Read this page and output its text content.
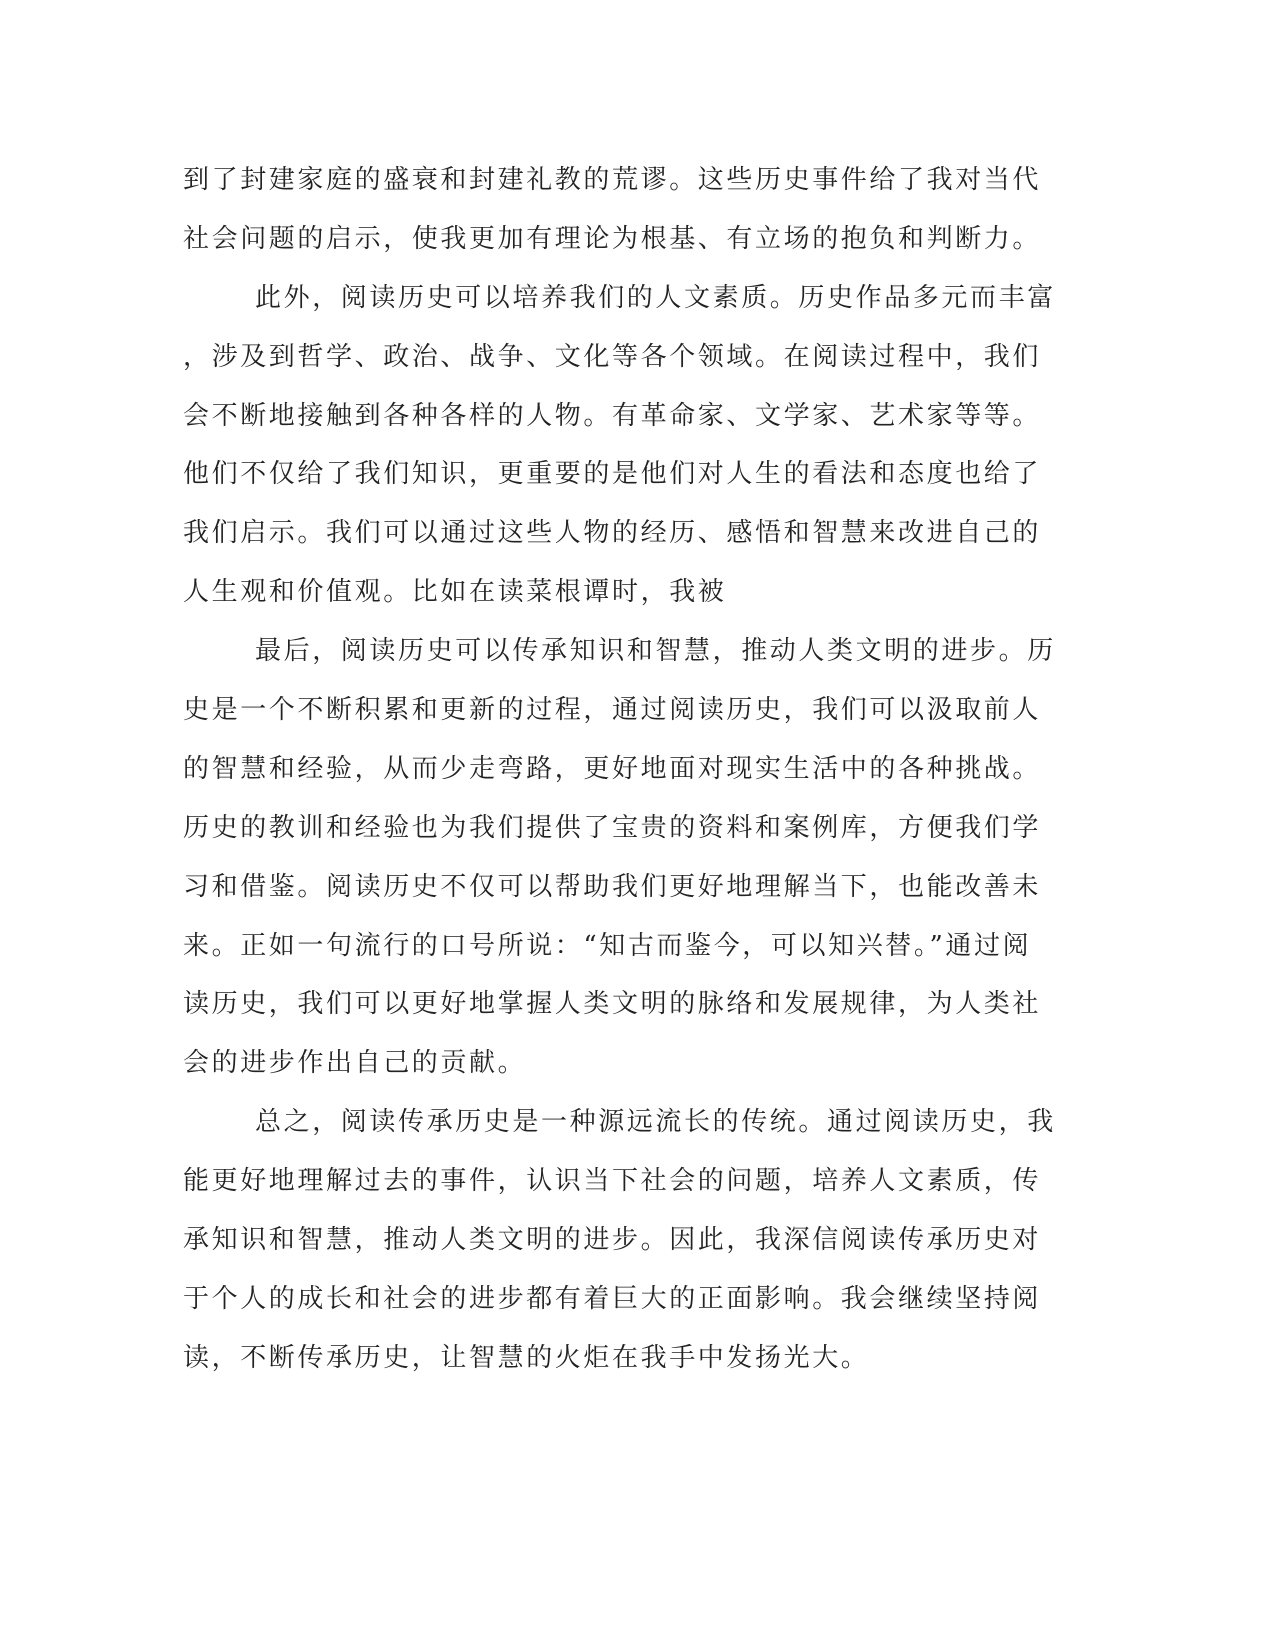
到了封建家庭的盛衰和封建礼教的荒谬。这些历史事件给了我对当代
社会问题的启示，使我更加有理论为根基、有立场的抱负和判断力。
此外，阅读历史可以培养我们的人文素质。历史作品多元而丰富
，涉及到哲学、政治、战争、文化等各个领域。在阅读过程中，我们
会不断地接触到各种各样的人物。有革命家、文学家、艺术家等等。
他们不仅给了我们知识，更重要的是他们对人生的看法和态度也给了
我们启示。我们可以通过这些人物的经历、感悟和智慧来改进自己的
人生观和价值观。比如在读菜根谭时，我被
最后，阅读历史可以传承知识和智慧，推动人类文明的进步。历
史是一个不断积累和更新的过程，通过阅读历史，我们可以汲取前人
的智慧和经验，从而少走弯路，更好地面对现实生活中的各种挑战。
历史的教训和经验也为我们提供了宝贵的资料和案例库，方便我们学
习和借鉴。阅读历史不仅可以帮助我们更好地理解当下，也能改善未
来。正如一句流行的口号所说：“知古而鉴今，可以知兴替。”通过阅
读历史，我们可以更好地掌握人类文明的脉络和发展规律，为人类社
会的进步作出自己的贡献。
总之，阅读传承历史是一种源远流长的传统。通过阅读历史，我
能更好地理解过去的事件，认识当下社会的问题，培养人文素质，传
承知识和智慧，推动人类文明的进步。因此，我深信阅读传承历史对
于个人的成长和社会的进步都有着巨大的正面影响。我会继续坚持阅
读，不断传承历史，让智慧的火炬在我手中发扬光大。
